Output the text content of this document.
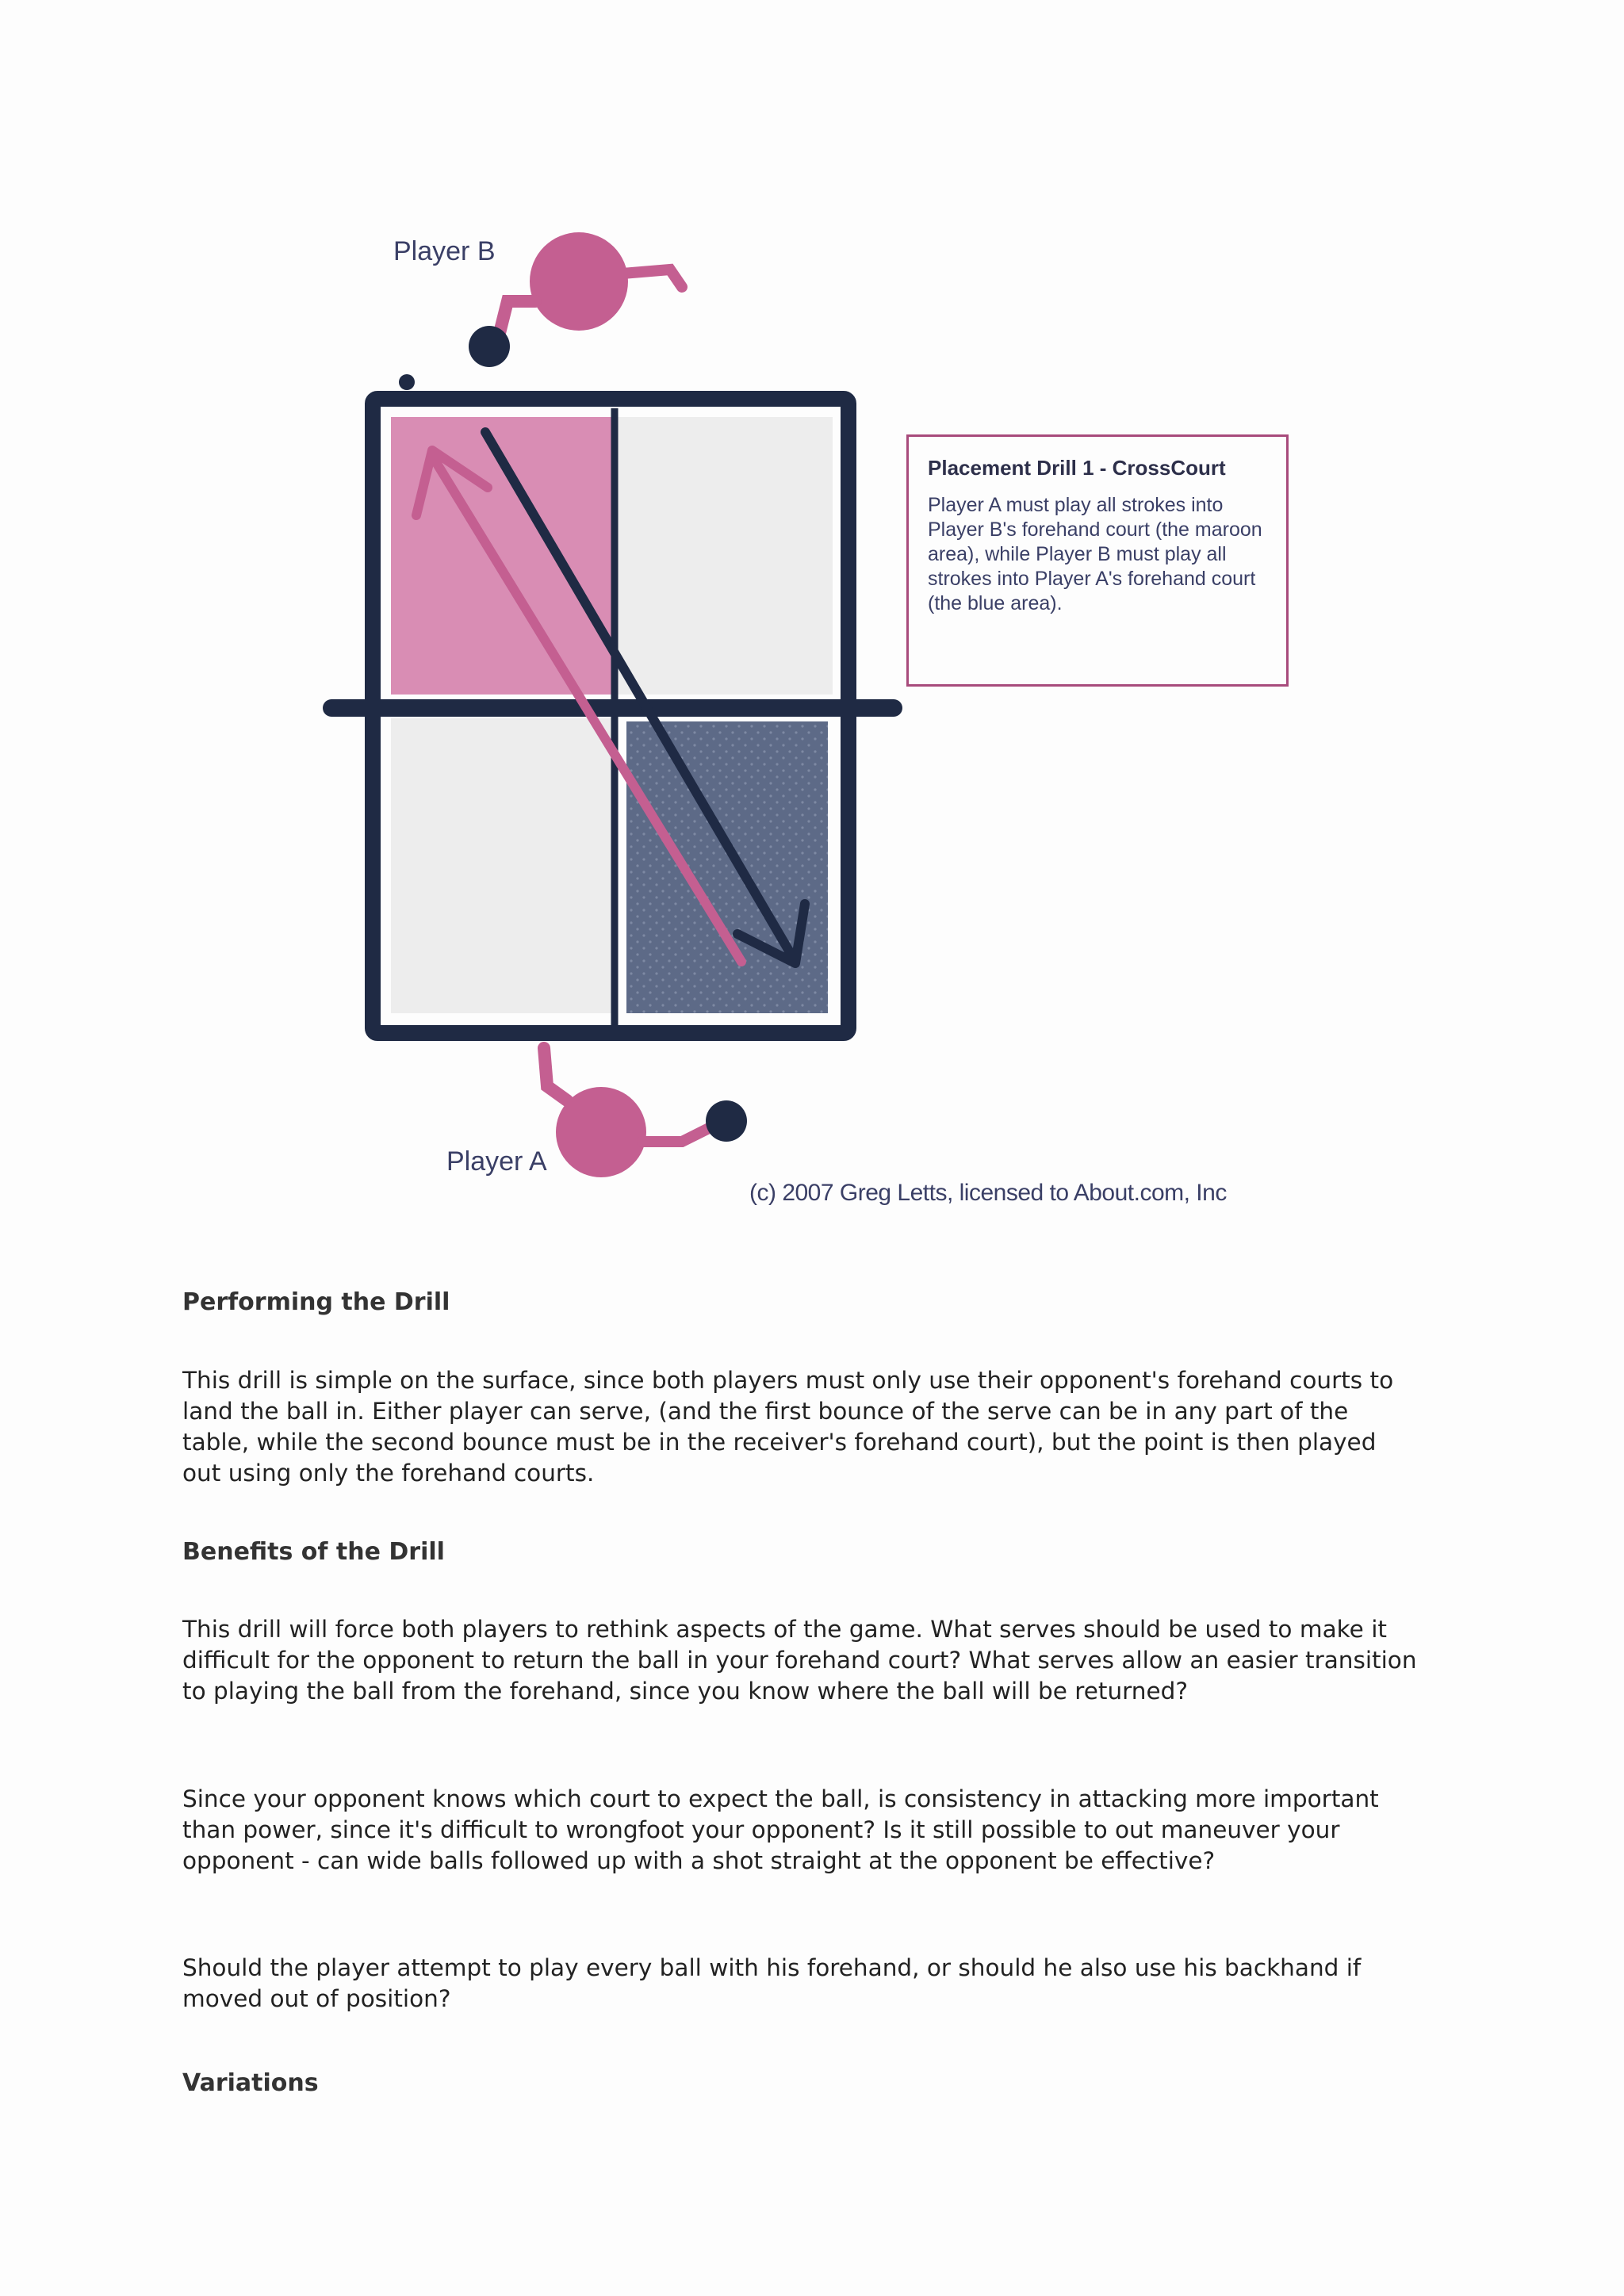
Player B
Player A

Placement Drill 1 - CrossCourt

Player A must play all strokes into Player B's forehand court (the maroon area), while Player B must play all strokes into Player A's forehand court (the blue area).

(c) 2007 Greg Letts, licensed to About.com, Inc
Performing the Drill
This drill is simple on the surface, since both players must only use their opponent's forehand courts to land the ball in. Either player can serve, (and the first bounce of the serve can be in any part of the table, while the second bounce must be in the receiver's forehand court), but the point is then played out using only the forehand courts.
Benefits of the Drill
This drill will force both players to rethink aspects of the game. What serves should be used to make it difficult for the opponent to return the ball in your forehand court? What serves allow an easier transition to playing the ball from the forehand, since you know where the ball will be returned?
Since your opponent knows which court to expect the ball, is consistency in attacking more important than power, since it's difficult to wrongfoot your opponent? Is it still possible to out maneuver your opponent - can wide balls followed up with a shot straight at the opponent be effective?
Should the player attempt to play every ball with his forehand, or should he also use his backhand if moved out of position?
Variations
